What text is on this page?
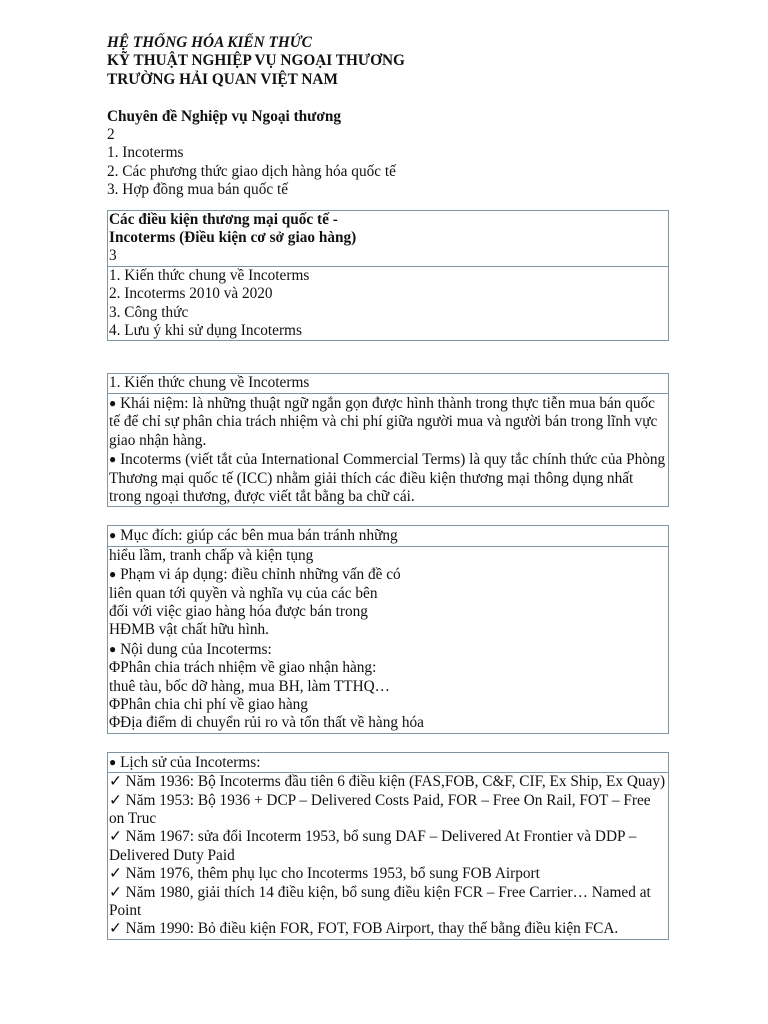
HỆ THỐNG HÓA KIẾN THỨC
KỸ THUẬT NGHIỆP VỤ NGOẠI THƯƠNG
TRƯỜNG HẢI QUAN VIỆT NAM
Chuyên đề Nghiệp vụ Ngoại thương
2
1. Incoterms
2. Các phương thức giao dịch hàng hóa quốc tế
3. Hợp đồng mua bán quốc tế
Các điều kiện thương mại quốc tế -
Incoterms (Điều kiện cơ sở giao hàng)
3
1. Kiến thức chung về Incoterms
2. Incoterms 2010 và 2020
3. Công thức
4. Lưu ý khi sử dụng Incoterms
1. Kiến thức chung về Incoterms
● Khái niệm: là những thuật ngữ ngắn gọn được hình thành trong thực tiễn mua bán quốc tế để chỉ sự phân chia trách nhiệm và chi phí giữa người mua và người bán trong lĩnh vực giao nhận hàng.
● Incoterms (viết tắt của International Commercial Terms) là quy tắc chính thức của Phòng Thương mại quốc tế (ICC) nhằm giải thích các điều kiện thương mại thông dụng nhất trong ngoại thương, được viết tắt bằng ba chữ cái.
● Mục đích: giúp các bên mua bán tránh những
hiểu lầm, tranh chấp và kiện tụng
● Phạm vi áp dụng: điều chỉnh những vấn đề có
liên quan tới quyền và nghĩa vụ của các bên
đối với việc giao hàng hóa được bán trong
HĐMB vật chất hữu hình.
● Nội dung của Incoterms:
ΦPhân chia trách nhiệm về giao nhận hàng:
thuê tàu, bốc dỡ hàng, mua BH, làm TTHQ…
ΦPhân chia chi phí về giao hàng
ΦĐịa điểm di chuyển rủi ro và tổn thất về hàng hóa
● Lịch sử của Incoterms:
✓ Năm 1936: Bộ Incoterms đầu tiên 6 điều kiện (FAS,FOB, C&F, CIF, Ex Ship, Ex Quay)
✓ Năm 1953: Bộ 1936 + DCP – Delivered Costs Paid, FOR – Free On Rail, FOT – Free on Truc
✓ Năm 1967: sửa đổi Incoterm 1953, bổ sung DAF – Delivered At Frontier và DDP – Delivered Duty Paid
✓ Năm 1976, thêm phụ lục cho Incoterms 1953, bổ sung FOB Airport
✓ Năm 1980, giải thích 14 điều kiện, bổ sung điều kiện FCR – Free Carrier… Named at Point
✓ Năm 1990: Bỏ điều kiện FOR, FOT, FOB Airport, thay thế bằng điều kiện FCA.
